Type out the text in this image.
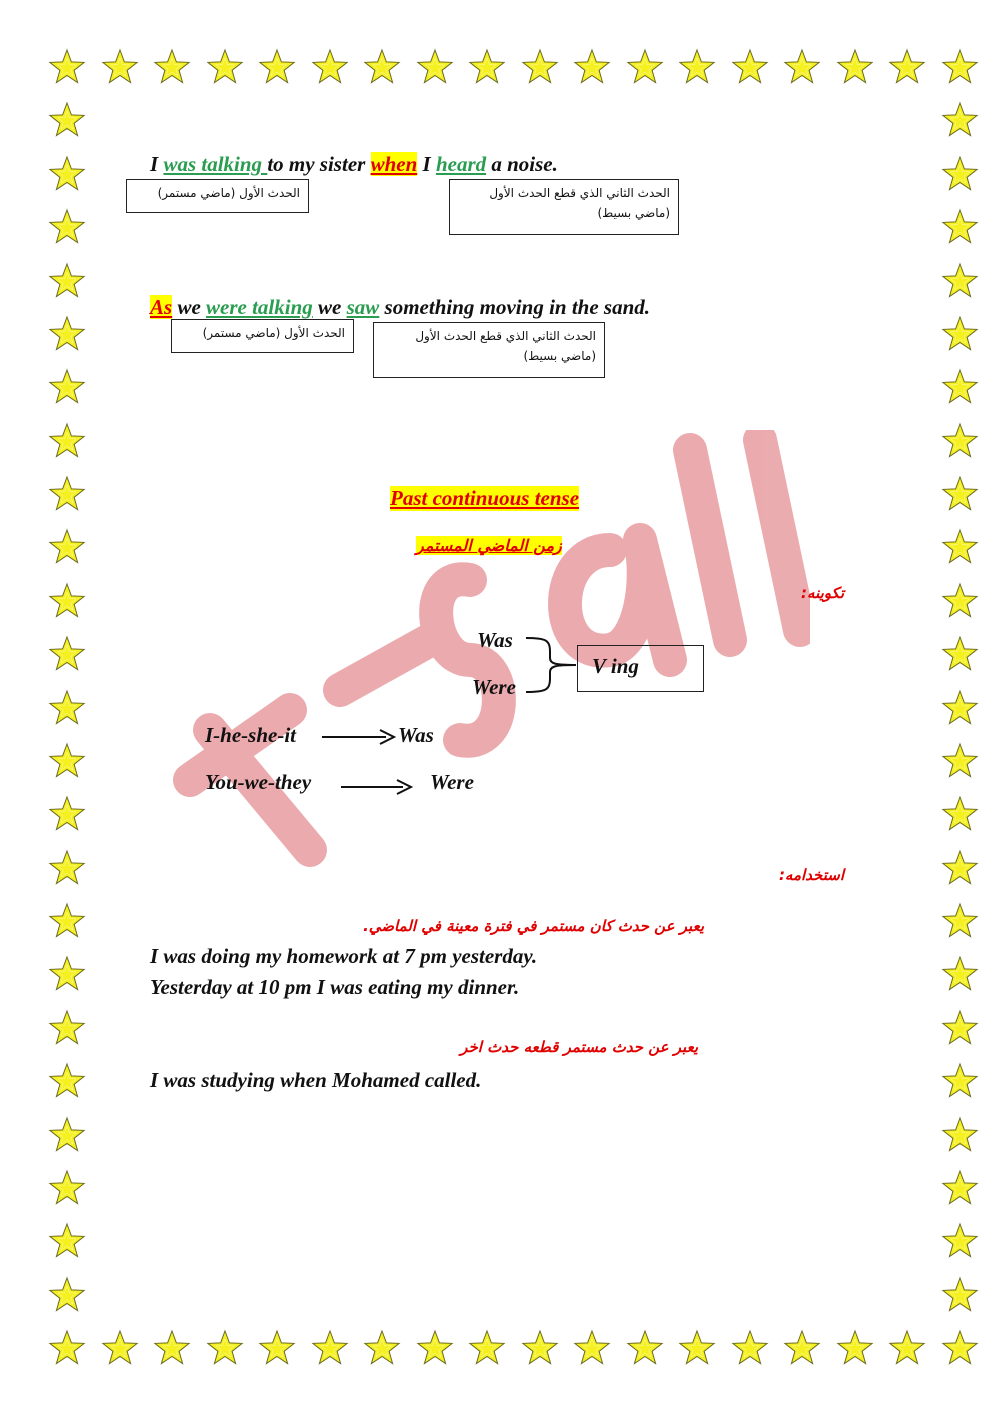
I was talking to my sister when I heard a noise.
الحدث الأول (ماضي مستمر)	الحدث الثاني الذي قطع الحدث الأول
(ماضي بسيط)
As we were talking we saw something moving in the sand.
الحدث الأول (ماضي مستمر)	الحدث الثاني الذي قطع الحدث الأول
(ماضي بسيط)
Past continuous tense
زمن الماضي المستمر
تكوينه:
Was
Were
V ing
I-he-she-it	Was
You-we-they	Were
استخدامه:
يعبر عن حدث كان مستمر في فترة معينة في الماضي.
I was doing my homework at 7 pm yesterday.
Yesterday at 10 pm I was eating my dinner.
يعبر عن حدث مستمر قطعه حدث اخر
I was studying when Mohamed called.
